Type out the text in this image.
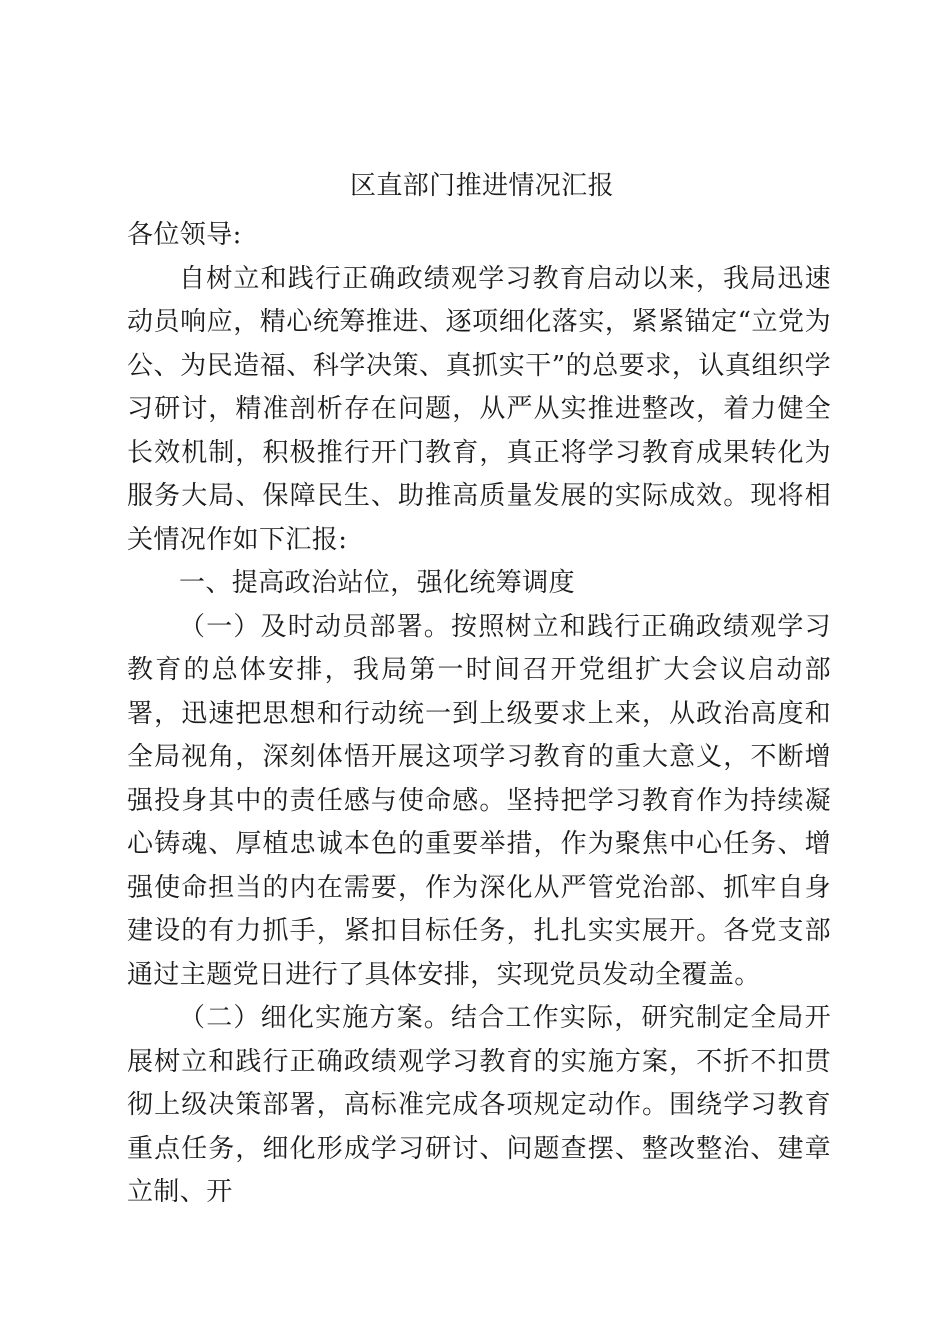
区直部门推进情况汇报

各位领导:

自树立和践行正确政绩观学习教育启动以来，我局迅速动员响应，精心统筹推进、逐项细化落实，紧紧锚定“立党为公、为民造福、科学决策、真抓实干”的总要求，认真组织学习研讨，精准剖析存在问题，从严从实推进整改，着力健全长效机制，积极推行开门教育，真正将学习教育成果转化为服务大局、保障民生、助推高质量发展的实际成效。现将相关情况作如下汇报:

一、提高政治站位，强化统筹调度

（一）及时动员部署。按照树立和践行正确政绩观学习教育的总体安排，我局第一时间召开党组扩大会议启动部署，迅速把思想和行动统一到上级要求上来，从政治高度和全局视角，深刻体悟开展这项学习教育的重大意义，不断增强投身其中的责任感与使命感。坚持把学习教育作为持续凝心铸魂、厚植忠诚本色的重要举措，作为聚焦中心任务、增强使命担当的内在需要，作为深化从严管党治部、抓牢自身建设的有力抓手，紧扣目标任务，扎扎实实展开。各党支部通过主题党日进行了具体安排，实现党员发动全覆盖。

（二）细化实施方案。结合工作实际，研究制定全局开展树立和践行正确政绩观学习教育的实施方案，不折不扣贯彻上级决策部署，高标准完成各项规定动作。围绕学习教育重点任务，细化形成学习研讨、问题查摆、整改整治、建章立制、开
